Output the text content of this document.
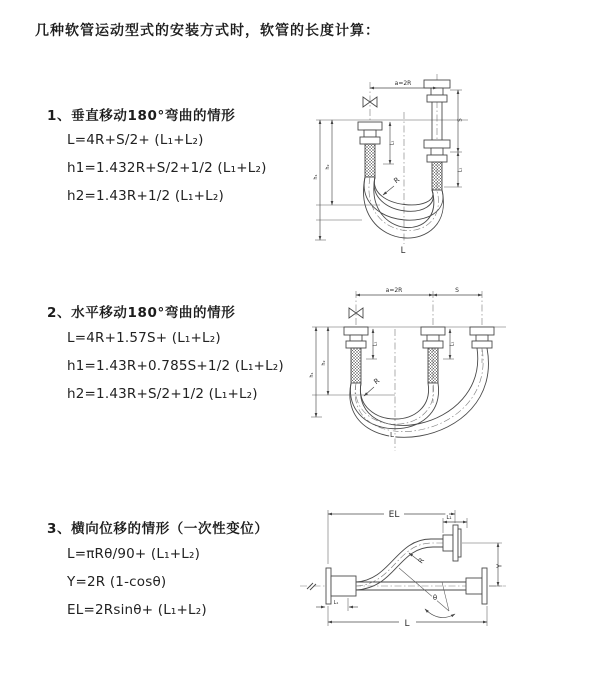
几种软管运动型式的安装方式时，软管的长度计算：
1、垂直移动180°弯曲的情形
L=4R+S/2+ (L₁+L₂)
h1=1.432R+S/2+1/2 (L₁+L₂)
h2=1.43R+1/2 (L₁+L₂)
a=2R
h₂
h₁
L₁
S
L₁
R
L
2、水平移动180°弯曲的情形
L=4R+1.57S+ (L₁+L₂)
h1=1.43R+0.785S+1/2 (L₁+L₂)
h2=1.43R+S/2+1/2 (L₁+L₂)
a=2R	S
L₁	L₁
h₂
h₁
R
L
3、横向位移的情形（一次性变位）
L=πRθ/90+ (L₁+L₂)
Y=2R (1-cosθ)
EL=2Rsinθ+ (L₁+L₂)
EL	L₁
Y
L
L₁
R
θ
